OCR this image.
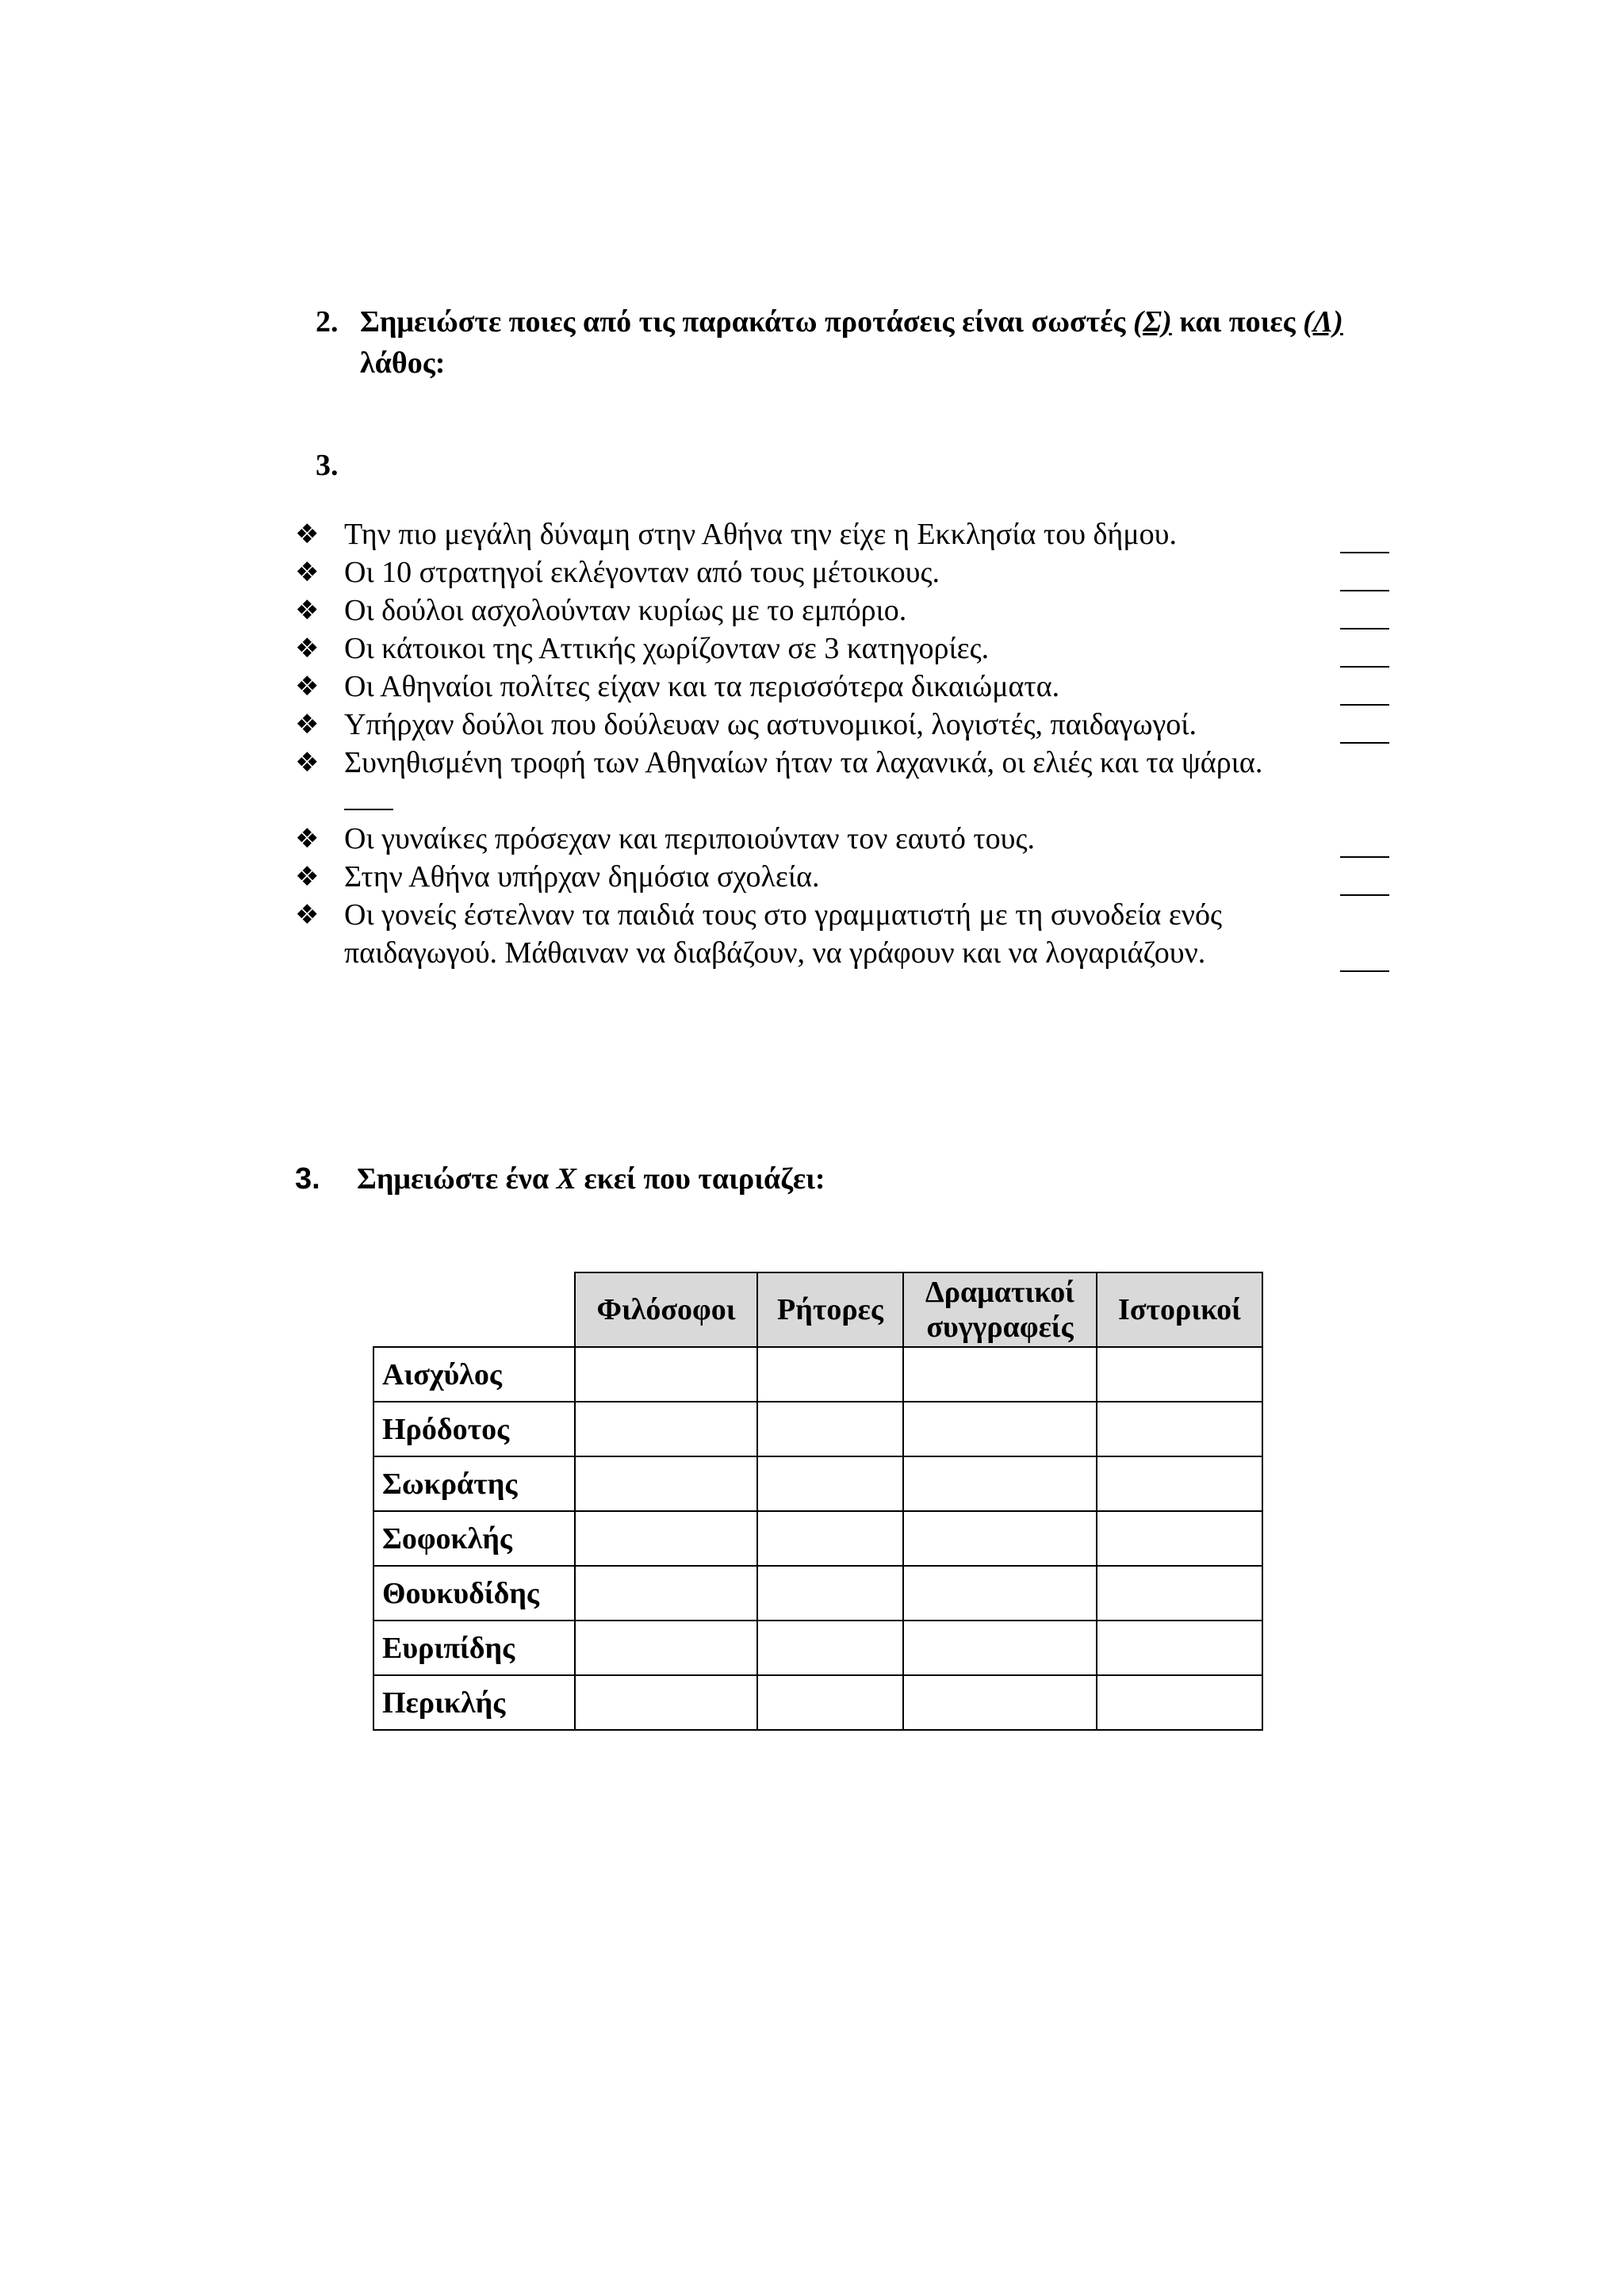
2. Σημειώστε ποιες από τις παρακάτω προτάσεις είναι σωστές (Σ) και ποιες (Λ) λάθος:
3.
❖ Την πιο μεγάλη δύναμη στην Αθήνα την είχε η Εκκλησία του δήμου.
❖ Οι 10 στρατηγοί εκλέγονταν από τους μέτοικους.
❖ Οι δούλοι ασχολούνταν κυρίως με το εμπόριο.
❖ Οι κάτοικοι της Αττικής χωρίζονταν σε 3 κατηγορίες.
❖ Οι Αθηναίοι πολίτες είχαν και τα περισσότερα δικαιώματα.
❖ Υπήρχαν δούλοι που δούλευαν ως αστυνομικοί, λογιστές, παιδαγωγοί.
❖ Συνηθισμένη τροφή των Αθηναίων ήταν τα λαχανικά, οι ελιές και τα ψάρια.
❖ Οι γυναίκες πρόσεχαν και περιποιούνταν τον εαυτό τους.
❖ Στην Αθήνα υπήρχαν δημόσια σχολεία.
❖ Οι γονείς έστελναν τα παιδιά τους στο γραμματιστή με τη συνοδεία ενός παιδαγωγού. Μάθαιναν να διαβάζουν, να γράφουν και να λογαριάζουν.
3. Σημειώστε ένα Χ εκεί που ταιριάζει:
	Φιλόσοφοι	Ρήτορες	Δραματικοί συγγραφείς	Ιστορικοί
Αισχύλος				
Ηρόδοτος				
Σωκράτης				
Σοφοκλής				
Θουκυδίδης				
Ευριπίδης				
Περικλής				
